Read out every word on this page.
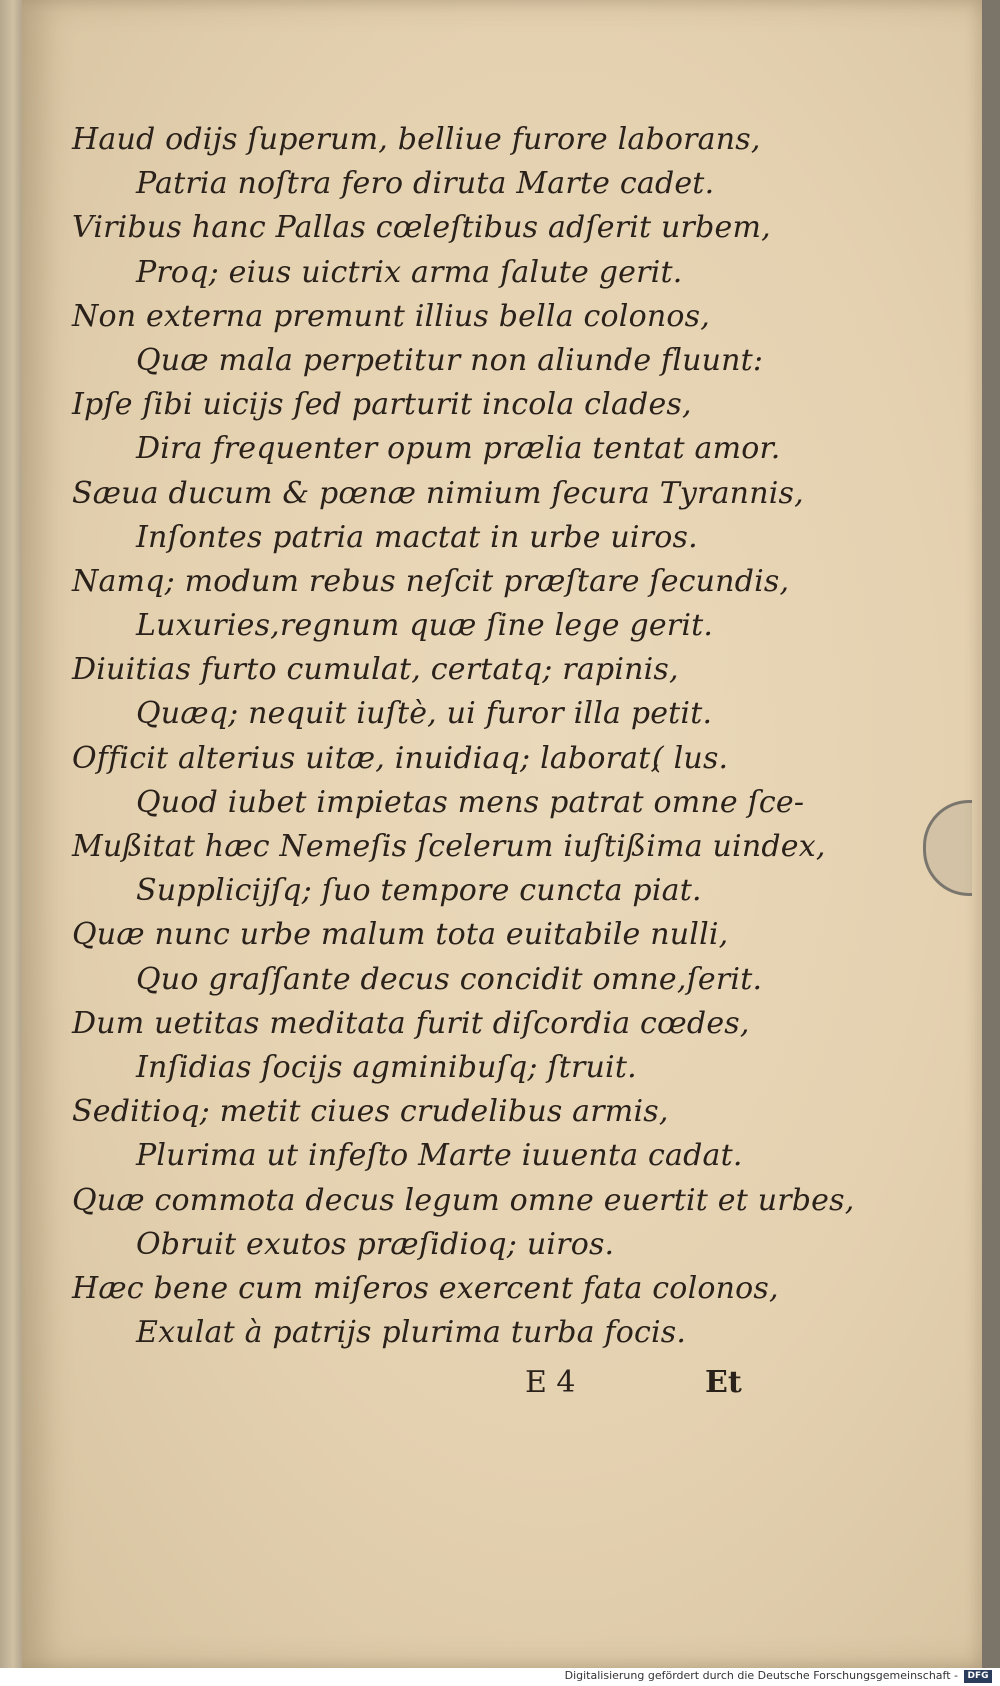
Haud odijs ſuperum, belliue furore laborans,
Patria noſtra fero diruta Marte cadet.
Viribus hanc Pallas cœleſtibus adſerit urbem,
Proq; eius uictrix arma ſalute gerit.
Non externa premunt illius bella colonos,
Quæ mala perpetitur non aliunde fluunt:
Ipſe ſibi uicijs ſed parturit incola clades,
Dira frequenter opum prælia tentat amor.
Sæua ducum & pœnæ nimium ſecura Tyrannis,
Inſontes patria mactat in urbe uiros.
Namq; modum rebus neſcit præſtare ſecundis,
Luxuries,regnum quæ ſine lege gerit.
Diuitias furto cumulat, certatq; rapinis,
Quæq; nequit iuſtè, ui furor illa petit.
Officit alterius uitæ, inuidiaq; laborat,
( lus.
Quod iubet impietas mens patrat omne ſce-
Mußitat hæc Nemeſis ſcelerum iuſtißima uindex,
Supplicijſq; ſuo tempore cuncta piat.
Quæ nunc urbe malum tota euitabile nulli,
Quo graſſante decus concidit omne,ſerit.
Dum uetitas meditata furit diſcordia cœdes,
Inſidias ſocijs agminibuſq; ſtruit.
Seditioq; metit ciues crudelibus armis,
Plurima ut infeſto Marte iuuenta cadat.
Quæ commota decus legum omne euertit et urbes,
Obruit exutos præſidioq; uiros.
Hæc bene cum miſeros exercent fata colonos,
Exulat à patrijs plurima turba focis.
E 4	Et
Digitalisierung gefördert durch die Deutsche Forschungsgemeinschaft -	DFG
